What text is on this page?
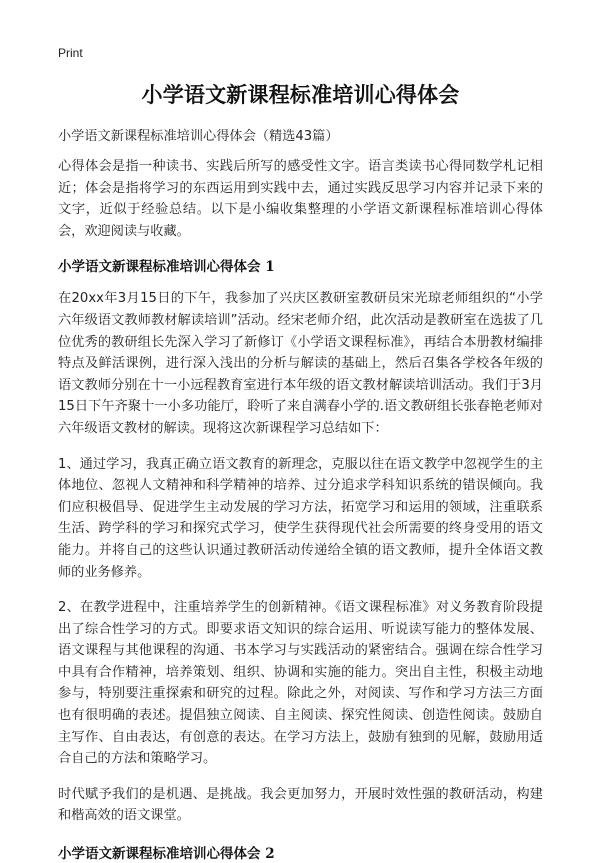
Print
小学语文新课程标准培训心得体会

小学语文新课程标准培训心得体会（精选43篇）

心得体会是指一种读书、实践后所写的感受性文字。语言类读书心得同数学札记相近；体会是指将学习的东西运用到实践中去，通过实践反思学习内容并记录下来的文字，近似于经验总结。以下是小编收集整理的小学语文新课程标准培训心得体会，欢迎阅读与收藏。

小学语文新课程标准培训心得体会 1

在20xx年3月15日的下午，我参加了兴庆区教研室教研员宋光琼老师组织的“小学六年级语文教师教材解读培训”活动。经宋老师介绍，此次活动是教研室在选拔了几位优秀的教研组长先深入学习了新修订《小学语文课程标准》，再结合本册教材编排特点及鲜活课例，进行深入浅出的分析与解读的基础上，然后召集各学校各年级的语文教师分别在十一小远程教育室进行本年级的语文教材解读培训活动。我们于3月15日下午齐聚十一小多功能厅，聆听了来自满春小学的.语文教研组长张春艳老师对六年级语文教材的解读。现将这次新课程学习总结如下：

1、通过学习，我真正确立语文教育的新理念，克服以往在语文教学中忽视学生的主体地位、忽视人文精神和科学精神的培养、过分追求学科知识系统的错误倾向。我们应积极倡导、促进学生主动发展的学习方法，拓宽学习和运用的领域，注重联系生活、跨学科的学习和探究式学习，使学生获得现代社会所需要的终身受用的语文能力。并将自己的这些认识通过教研活动传递给全镇的语文教师，提升全体语文教师的业务修养。

2、在教学进程中，注重培养学生的创新精神。《语文课程标准》对义务教育阶段提出了综合性学习的方式。即要求语文知识的综合运用、听说读写能力的整体发展、语文课程与其他课程的沟通、书本学习与实践活动的紧密结合。强调在综合性学习中具有合作精神，培养策划、组织、协调和实施的能力。突出自主性，积极主动地参与，特别要注重探索和研究的过程。除此之外，对阅读、写作和学习方法三方面也有很明确的表述。提倡独立阅读、自主阅读、探究性阅读、创造性阅读。鼓励自主写作、自由表达，有创意的表达。在学习方法上，鼓励有独到的见解，鼓励用适合自己的方法和策略学习。

时代赋予我们的是机遇、是挑战。我会更加努力，开展时效性强的教研活动，构建和楷高效的语文课堂。

小学语文新课程标准培训心得体会 2
